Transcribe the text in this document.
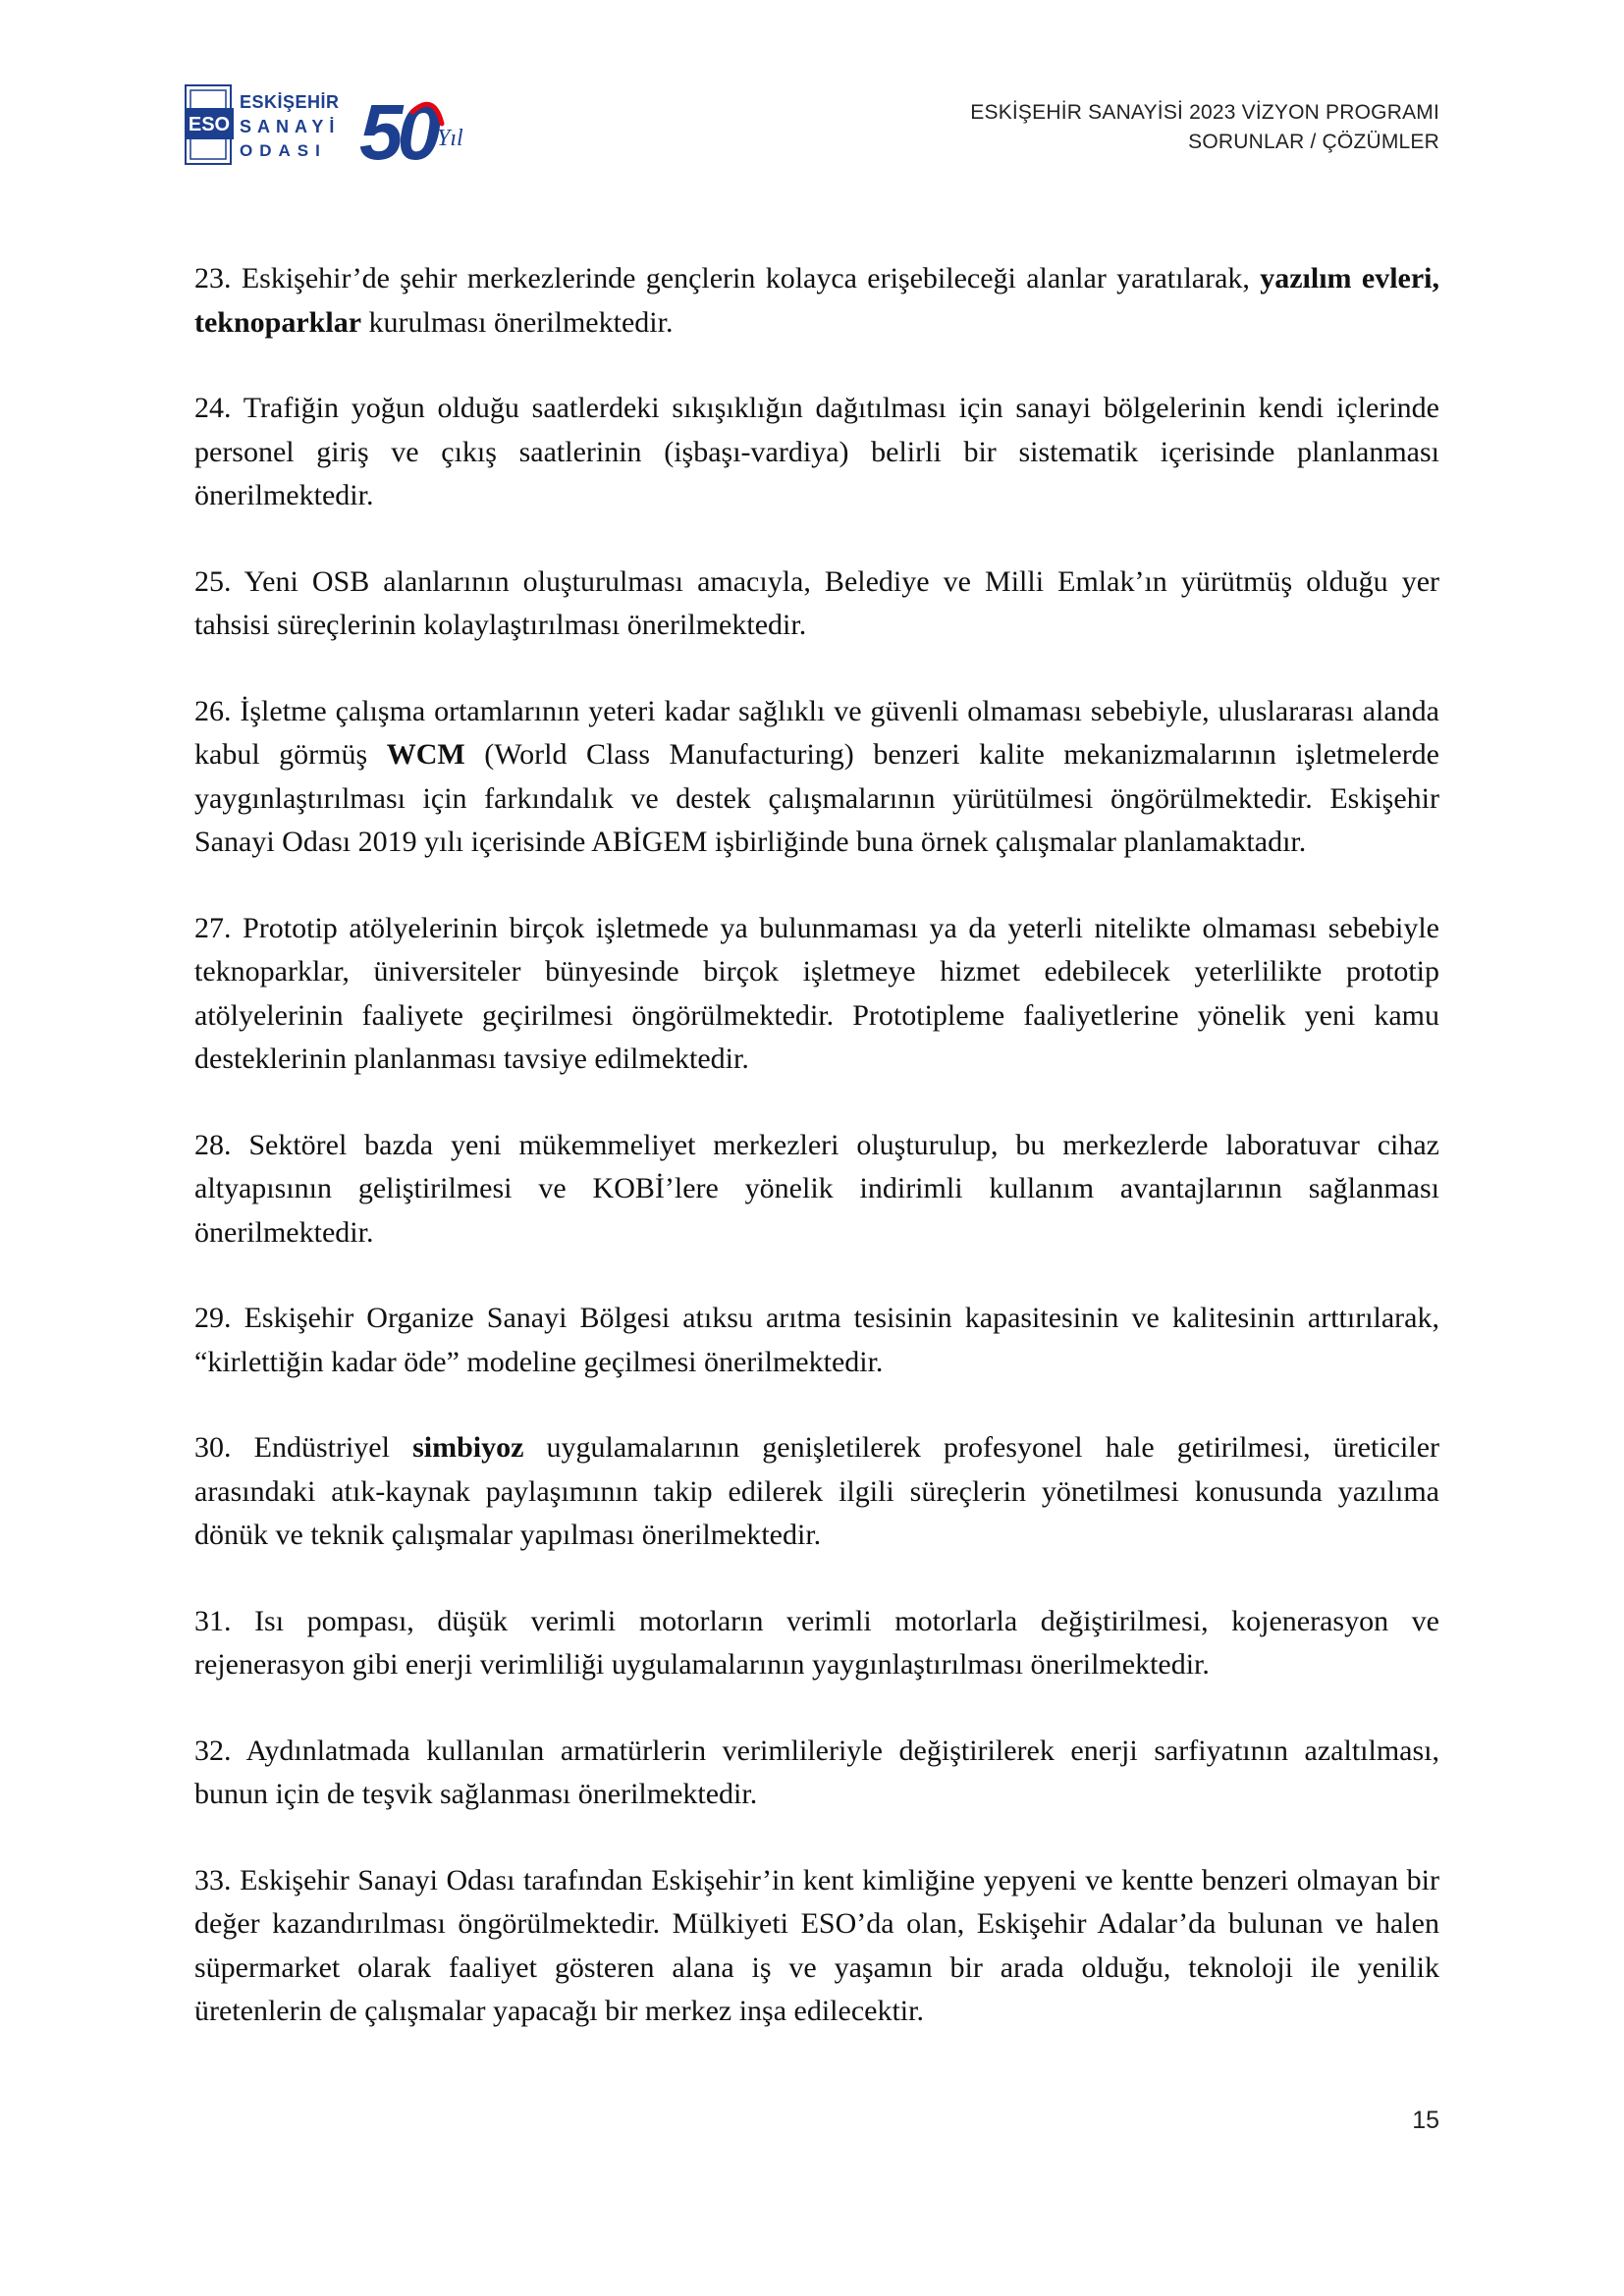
ESO
ESKİŞEHİR
SANAYİ
ODASI 50 Yıl
ESKİŞEHİR SANAYİSİ 2023 VİZYON PROGRAMI
SORUNLAR / ÇÖZÜMLER

23. Eskişehir’de şehir merkezlerinde gençlerin kolayca erişebileceği alanlar yaratılarak, yazılım evleri, teknoparklar kurulması önerilmektedir.

24. Trafiğin yoğun olduğu saatlerdeki sıkışıklığın dağıtılması için sanayi bölgelerinin kendi içlerinde personel giriş ve çıkış saatlerinin (işbaşı-vardiya) belirli bir sistematik içerisinde planlanması önerilmektedir.

25. Yeni OSB alanlarının oluşturulması amacıyla, Belediye ve Milli Emlak’ın yürütmüş olduğu yer tahsisi süreçlerinin kolaylaştırılması önerilmektedir.

26. İşletme çalışma ortamlarının yeteri kadar sağlıklı ve güvenli olmaması sebebiyle, uluslararası alanda kabul görmüş WCM (World Class Manufacturing) benzeri kalite mekanizmalarının işletmelerde yaygınlaştırılması için farkındalık ve destek çalışmalarının yürütülmesi öngörülmektedir. Eskişehir Sanayi Odası 2019 yılı içerisinde ABİGEM işbirliğinde buna örnek çalışmalar planlamaktadır.

27. Prototip atölyelerinin birçok işletmede ya bulunmaması ya da yeterli nitelikte olmaması sebebiyle teknoparklar, üniversiteler bünyesinde birçok işletmeye hizmet edebilecek yeterlilikte prototip atölyelerinin faaliyete geçirilmesi öngörülmektedir. Prototipleme faaliyetlerine yönelik yeni kamu desteklerinin planlanması tavsiye edilmektedir.

28. Sektörel bazda yeni mükemmeliyet merkezleri oluşturulup, bu merkezlerde laboratuvar cihaz altyapısının geliştirilmesi ve KOBİ’lere yönelik indirimli kullanım avantajlarının sağlanması önerilmektedir.

29. Eskişehir Organize Sanayi Bölgesi atıksu arıtma tesisinin kapasitesinin ve kalitesinin arttırılarak, “kirlettiğin kadar öde” modeline geçilmesi önerilmektedir.

30. Endüstriyel simbiyoz uygulamalarının genişletilerek profesyonel hale getirilmesi, üreticiler arasındaki atık-kaynak paylaşımının takip edilerek ilgili süreçlerin yönetilmesi konusunda yazılıma dönük ve teknik çalışmalar yapılması önerilmektedir.

31. Isı pompası, düşük verimli motorların verimli motorlarla değiştirilmesi, kojenerasyon ve rejenerasyon gibi enerji verimliliği uygulamalarının yaygınlaştırılması önerilmektedir.

32. Aydınlatmada kullanılan armatürlerin verimlileriyle değiştirilerek enerji sarfiyatının azaltılması, bunun için de teşvik sağlanması önerilmektedir.

33. Eskişehir Sanayi Odası tarafından Eskişehir’in kent kimliğine yepyeni ve kentte benzeri olmayan bir değer kazandırılması öngörülmektedir. Mülkiyeti ESO’da olan, Eskişehir Adalar’da bulunan ve halen süpermarket olarak faaliyet gösteren alana iş ve yaşamın bir arada olduğu, teknoloji ile yenilik üretenlerin de çalışmalar yapacağı bir merkez inşa edilecektir.

15
